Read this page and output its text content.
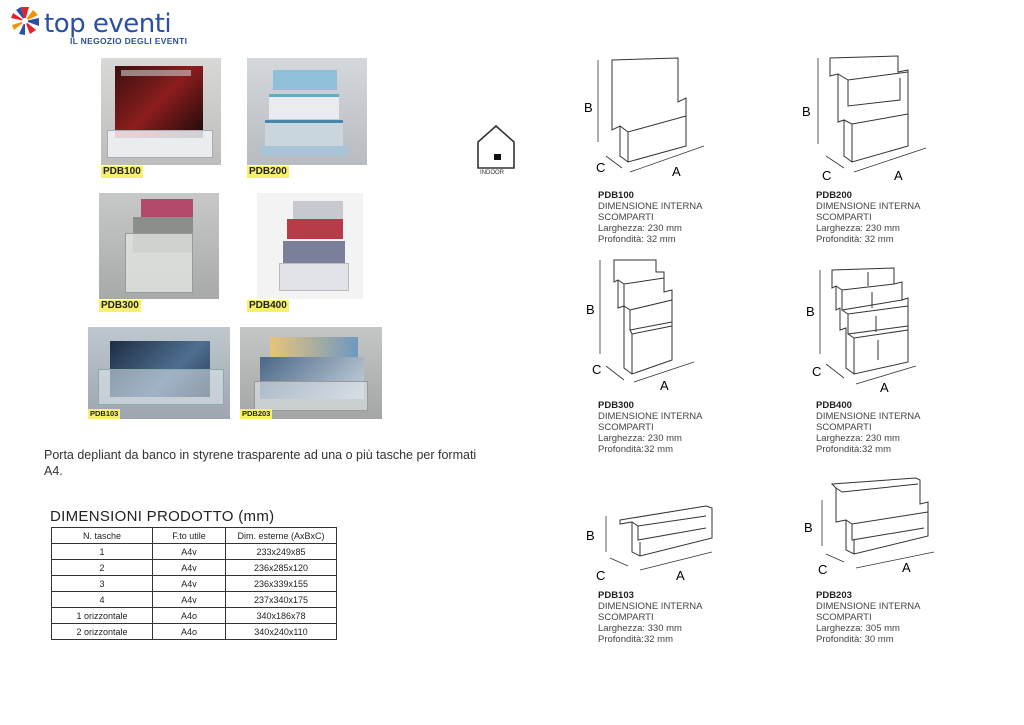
top eventi
IL NEGOZIO DEGLI EVENTI
PDB100	PDB200
PDB300	PDB400
PDB103	PDB203
INDOOR
Porta depliant da banco in styrene trasparente ad una o più tasche per formati A4.
DIMENSIONI PRODOTTO (mm)
N. tasche	F.to utile	Dim. esterne (AxBxC)
1	A4v	233x249x85
2	A4v	236x285x120
3	A4v	236x339x155
4	A4v	237x340x175
1 orizzontale	A4o	340x186x78
2 orizzontale	A4o	340x240x110
B
C	A
PDB100
DIMENSIONE INTERNA
SCOMPARTI
Larghezza: 230 mm
Profondità: 32 mm
B
C	A
PDB200
DIMENSIONE INTERNA
SCOMPARTI
Larghezza: 230 mm
Profondità: 32 mm
B
C
A
PDB300
DIMENSIONE INTERNA
SCOMPARTI
Larghezza: 230 mm
Profondità:32 mm
B
C
A
PDB400
DIMENSIONE INTERNA
SCOMPARTI
Larghezza: 230 mm
Profondità:32 mm
B
C	A
PDB103
DIMENSIONE INTERNA
SCOMPARTI
Larghezza: 330 mm
Profondità:32 mm
B
C	A
PDB203
DIMENSIONE INTERNA
SCOMPARTI
Larghezza: 305 mm
Profondità: 30 mm
